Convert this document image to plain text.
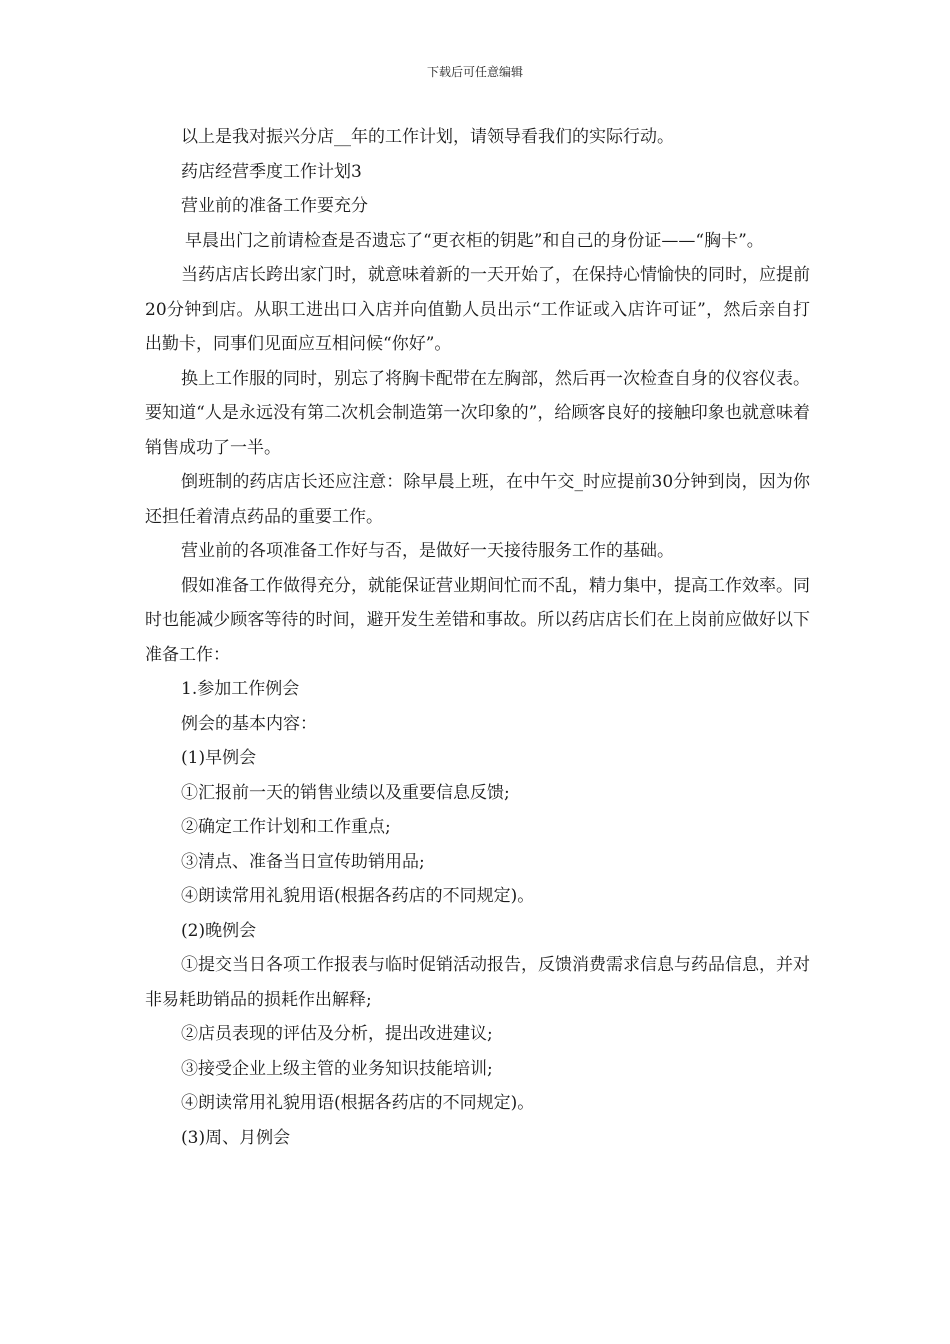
下载后可任意编辑

以上是我对振兴分店__年的工作计划，请领导看我们的实际行动。

药店经营季度工作计划3

营业前的准备工作要充分

早晨出门之前请检查是否遗忘了“更衣柜的钥匙”和自己的身份证——“胸卡”。

当药店店长跨出家门时，就意味着新的一天开始了，在保持心情愉快的同时，应提前20分钟到店。从职工进出口入店并向值勤人员出示“工作证或入店许可证”，然后亲自打出勤卡，同事们见面应互相问候“你好”。

换上工作服的同时，别忘了将胸卡配带在左胸部，然后再一次检查自身的仪容仪表。要知道“人是永远没有第二次机会制造第一次印象的”，给顾客良好的接触印象也就意味着销售成功了一半。

倒班制的药店店长还应注意：除早晨上班，在中午交_时应提前30分钟到岗，因为你还担任着清点药品的重要工作。

营业前的各项准备工作好与否，是做好一天接待服务工作的基础。

假如准备工作做得充分，就能保证营业期间忙而不乱，精力集中，提高工作效率。同时也能减少顾客等待的时间，避开发生差错和事故。所以药店店长们在上岗前应做好以下准备工作：

1.参加工作例会

例会的基本内容：

(1)早例会

①汇报前一天的销售业绩以及重要信息反馈;

②确定工作计划和工作重点;

③清点、准备当日宣传助销用品;

④朗读常用礼貌用语(根据各药店的不同规定)。

(2)晚例会

①提交当日各项工作报表与临时促销活动报告，反馈消费需求信息与药品信息，并对非易耗助销品的损耗作出解释;

②店员表现的评估及分析，提出改进建议;

③接受企业上级主管的业务知识技能培训;

④朗读常用礼貌用语(根据各药店的不同规定)。

(3)周、月例会
